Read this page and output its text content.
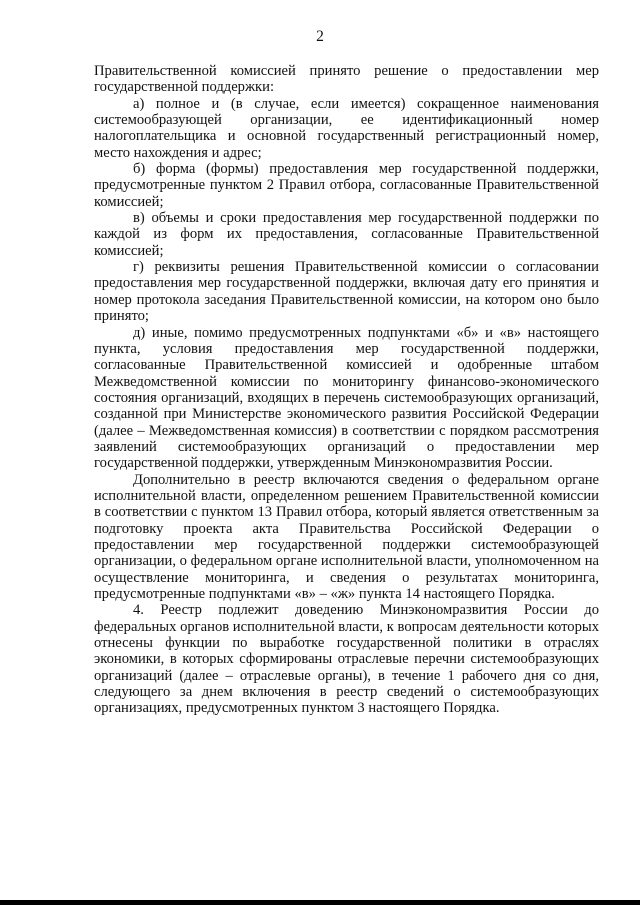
2

Правительственной комиссией принято решение о предоставлении мер государственной поддержки:

а) полное и (в случае, если имеется) сокращенное наименования системообразующей организации, ее идентификационный номер налогоплательщика и основной государственный регистрационный номер, место нахождения и адрес;

б) форма (формы) предоставления мер государственной поддержки, предусмотренные пунктом 2 Правил отбора, согласованные Правительственной комиссией;

в) объемы и сроки предоставления мер государственной поддержки по каждой из форм их предоставления, согласованные Правительственной комиссией;

г) реквизиты решения Правительственной комиссии о согласовании предоставления мер государственной поддержки, включая дату его принятия и номер протокола заседания Правительственной комиссии, на котором оно было принято;

д) иные, помимо предусмотренных подпунктами «б» и «в» настоящего пункта, условия предоставления мер государственной поддержки, согласованные Правительственной комиссией и одобренные штабом Межведомственной комиссии по мониторингу финансово-экономического состояния организаций, входящих в перечень системообразующих организаций, созданной при Министерстве экономического развития Российской Федерации (далее – Межведомственная комиссия) в соответствии с порядком рассмотрения заявлений системообразующих организаций о предоставлении мер государственной поддержки, утвержденным Минэкономразвития России.

Дополнительно в реестр включаются сведения о федеральном органе исполнительной власти, определенном решением Правительственной комиссии в соответствии с пунктом 13 Правил отбора, который является ответственным за подготовку проекта акта Правительства Российской Федерации о предоставлении мер государственной поддержки системообразующей организации, о федеральном органе исполнительной власти, уполномоченном на осуществление мониторинга, и сведения о результатах мониторинга, предусмотренные подпунктами «в» – «ж» пункта 14 настоящего Порядка.

4. Реестр подлежит доведению Минэкономразвития России до федеральных органов исполнительной власти, к вопросам деятельности которых отнесены функции по выработке государственной политики в отраслях экономики, в которых сформированы отраслевые перечни системообразующих организаций (далее – отраслевые органы), в течение 1 рабочего дня со дня, следующего за днем включения в реестр сведений о системообразующих организациях, предусмотренных пунктом 3 настоящего Порядка.
